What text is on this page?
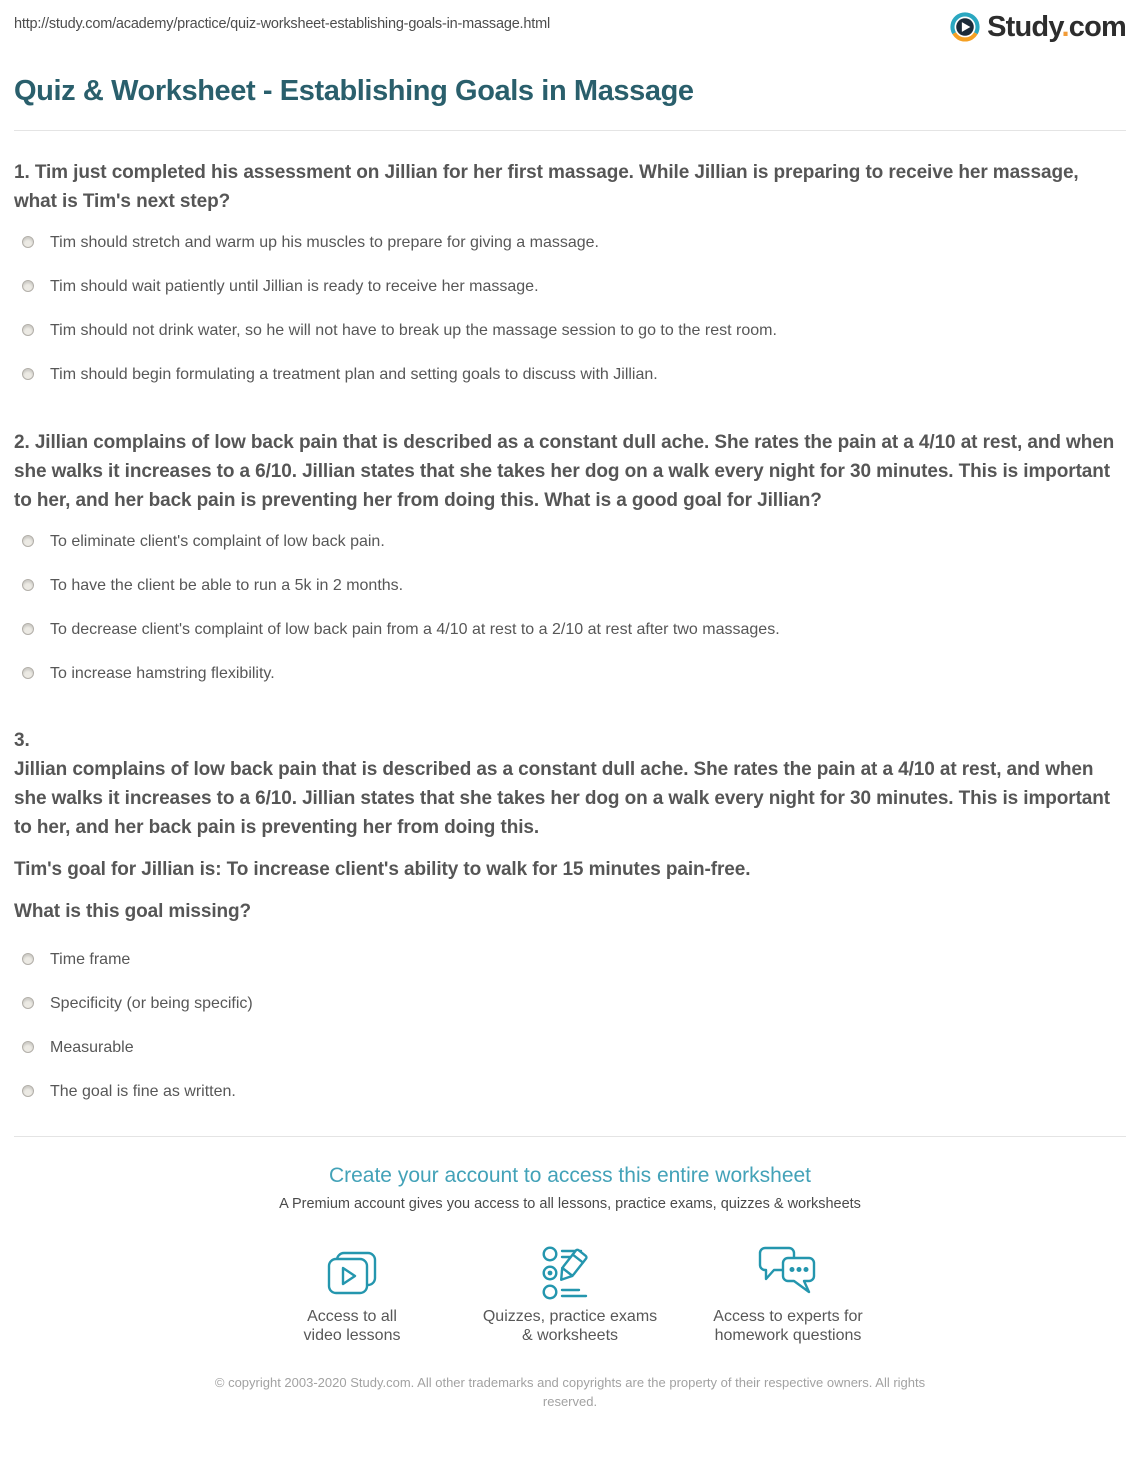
http://study.com/academy/practice/quiz-worksheet-establishing-goals-in-massage.html	Study.com
Quiz & Worksheet - Establishing Goals in Massage

1. Tim just completed his assessment on Jillian for her first massage. While Jillian is preparing to receive her massage, what is Tim's next step?

Tim should stretch and warm up his muscles to prepare for giving a massage.
Tim should wait patiently until Jillian is ready to receive her massage.
Tim should not drink water, so he will not have to break up the massage session to go to the rest room.
Tim should begin formulating a treatment plan and setting goals to discuss with Jillian.

2. Jillian complains of low back pain that is described as a constant dull ache. She rates the pain at a 4/10 at rest, and when she walks it increases to a 6/10. Jillian states that she takes her dog on a walk every night for 30 minutes. This is important to her, and her back pain is preventing her from doing this. What is a good goal for Jillian?

To eliminate client's complaint of low back pain.
To have the client be able to run a 5k in 2 months.
To decrease client's complaint of low back pain from a 4/10 at rest to a 2/10 at rest after two massages.
To increase hamstring flexibility.

3.

Jillian complains of low back pain that is described as a constant dull ache. She rates the pain at a 4/10 at rest, and when she walks it increases to a 6/10. Jillian states that she takes her dog on a walk every night for 30 minutes. This is important to her, and her back pain is preventing her from doing this.

Tim's goal for Jillian is: To increase client's ability to walk for 15 minutes pain-free.

What is this goal missing?

Time frame
Specificity (or being specific)
Measurable
The goal is fine as written.
Create your account to access this entire worksheet

A Premium account gives you access to all lessons, practice exams, quizzes & worksheets

Access to all
video lessons
Quizzes, practice exams
& worksheets
Access to experts for
homework questions

© copyright 2003-2020 Study.com. All other trademarks and copyrights are the property of their respective owners. All rights reserved.
